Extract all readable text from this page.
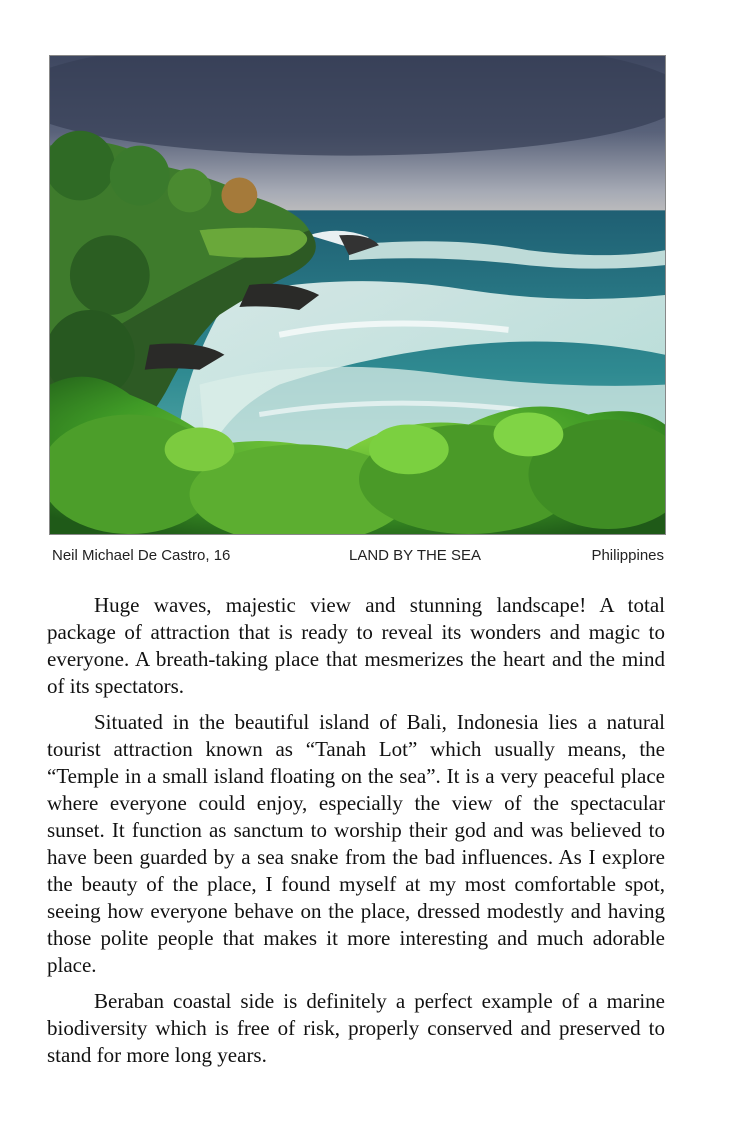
Neil Michael De Castro, 16	LAND BY THE SEA	Philippines

Huge waves, majestic view and stunning landscape! A total package of attraction that is ready to reveal its wonders and magic to everyone. A breath-taking place that mesmerizes the heart and the mind of its spectators.

Situated in the beautiful island of Bali, Indonesia lies a natural tourist attraction known as “Tanah Lot” which usually means, the “Temple in a small island floating on the sea”. It is a very peaceful place where everyone could enjoy, especially the view of the spectacular sunset. It function as sanctum to worship their god and was believed to have been guarded by a sea snake from the bad influences. As I explore the beauty of the place, I found myself at my most comfortable spot, seeing how everyone behave on the place, dressed modestly and having those polite people that makes it more interesting and much adorable place.

Beraban coastal side is definitely a perfect example of a marine biodiversity which is free of risk, properly conserved and preserved to stand for more long years.
